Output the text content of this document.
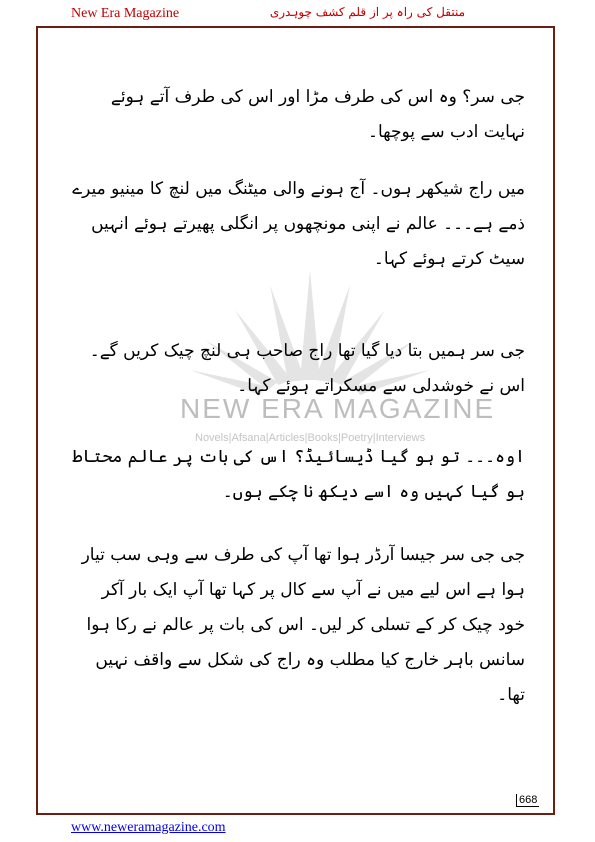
New Era Magazine	منتقل کی راہ پر از قلم کشف چوہدری
NEW ERA MAGAZINE
Novels|Afsana|Articles|Books|Poetry|Interviews
جی سر؟ وہ اس کی طرف مڑا اور اس کی طرف آتے ہوئے نہایت ادب سے پوچھا۔
میں راج شیکھر ہوں۔ آج ہونے والی میٹنگ میں لنچ کا مینیو میرے ذمے ہے۔۔۔ عالم نے اپنی مونچھوں پر انگلی پھیرتے ہوئے انہیں سیٹ کرتے ہوئے کہا۔
جی سر ہمیں بتا دیا گیا تھا راج صاحب ہی لنچ چیک کریں گے۔اس نے خوشدلی سے مسکراتے ہوئے کہا۔
اوہ۔۔۔ تو ہو گیا ڈیسائیڈ؟ اس کی بات پر عالم محتاط ہو گیا کہیں وہ اسے دیکھ نا چکے ہوں۔
جی جی سر جیسا آرڈر ہوا تھا آپ کی طرف سے وہی سب تیار ہوا ہے اس لیے میں نے آپ سے کال پر کہا تھا آپ ایک بار آکر خود چیک کر کے تسلی کر لیں۔ اس کی بات پر عالم نے رکا ہوا سانس باہر خارج کیا مطلب وہ راج کی شکل سے واقف نہیں تھا۔
668
www.neweramagazine.com
